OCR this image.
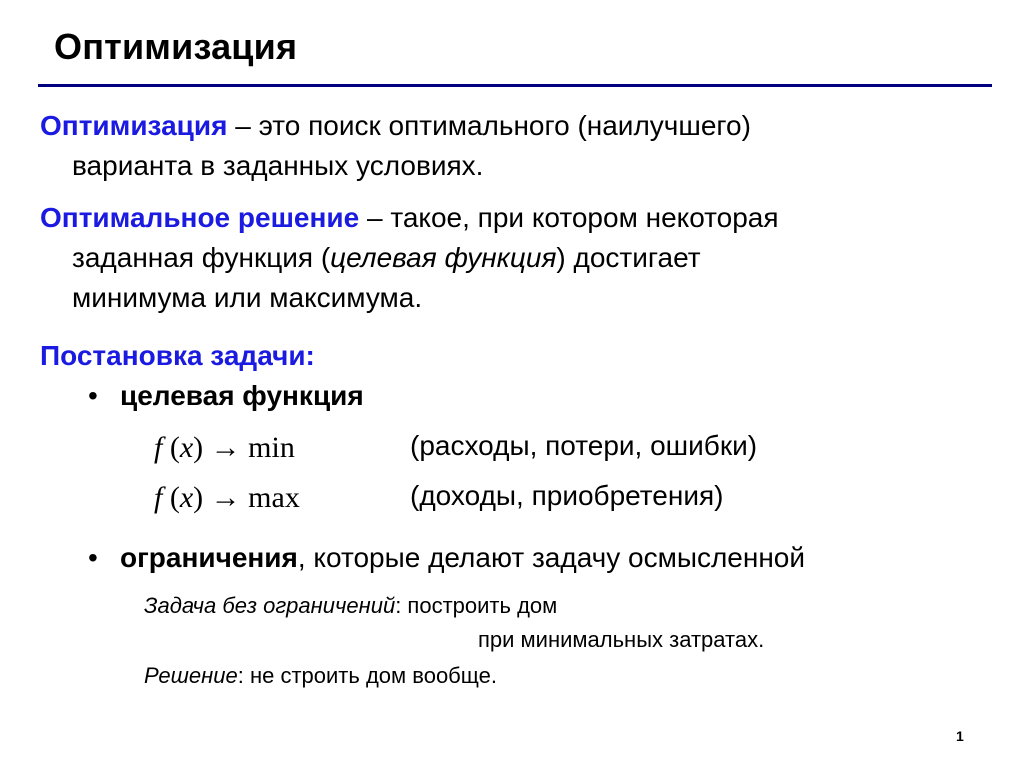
Оптимизация

Оптимизация – это поиск оптимального (наилучшего)
варианта в заданных условиях.

Оптимальное решение – такое, при котором некоторая
заданная функция (целевая функция) достигает
минимума или максимума.

Постановка задачи:

• целевая функция
f (x) → min	(расходы, потери, ошибки)
f (x) → max	(доходы, приобретения)
• ограничения, которые делают задачу осмысленной
Задача без ограничений: построить дом
при минимальных затратах.
Решение: не строить дом вообще.
1
